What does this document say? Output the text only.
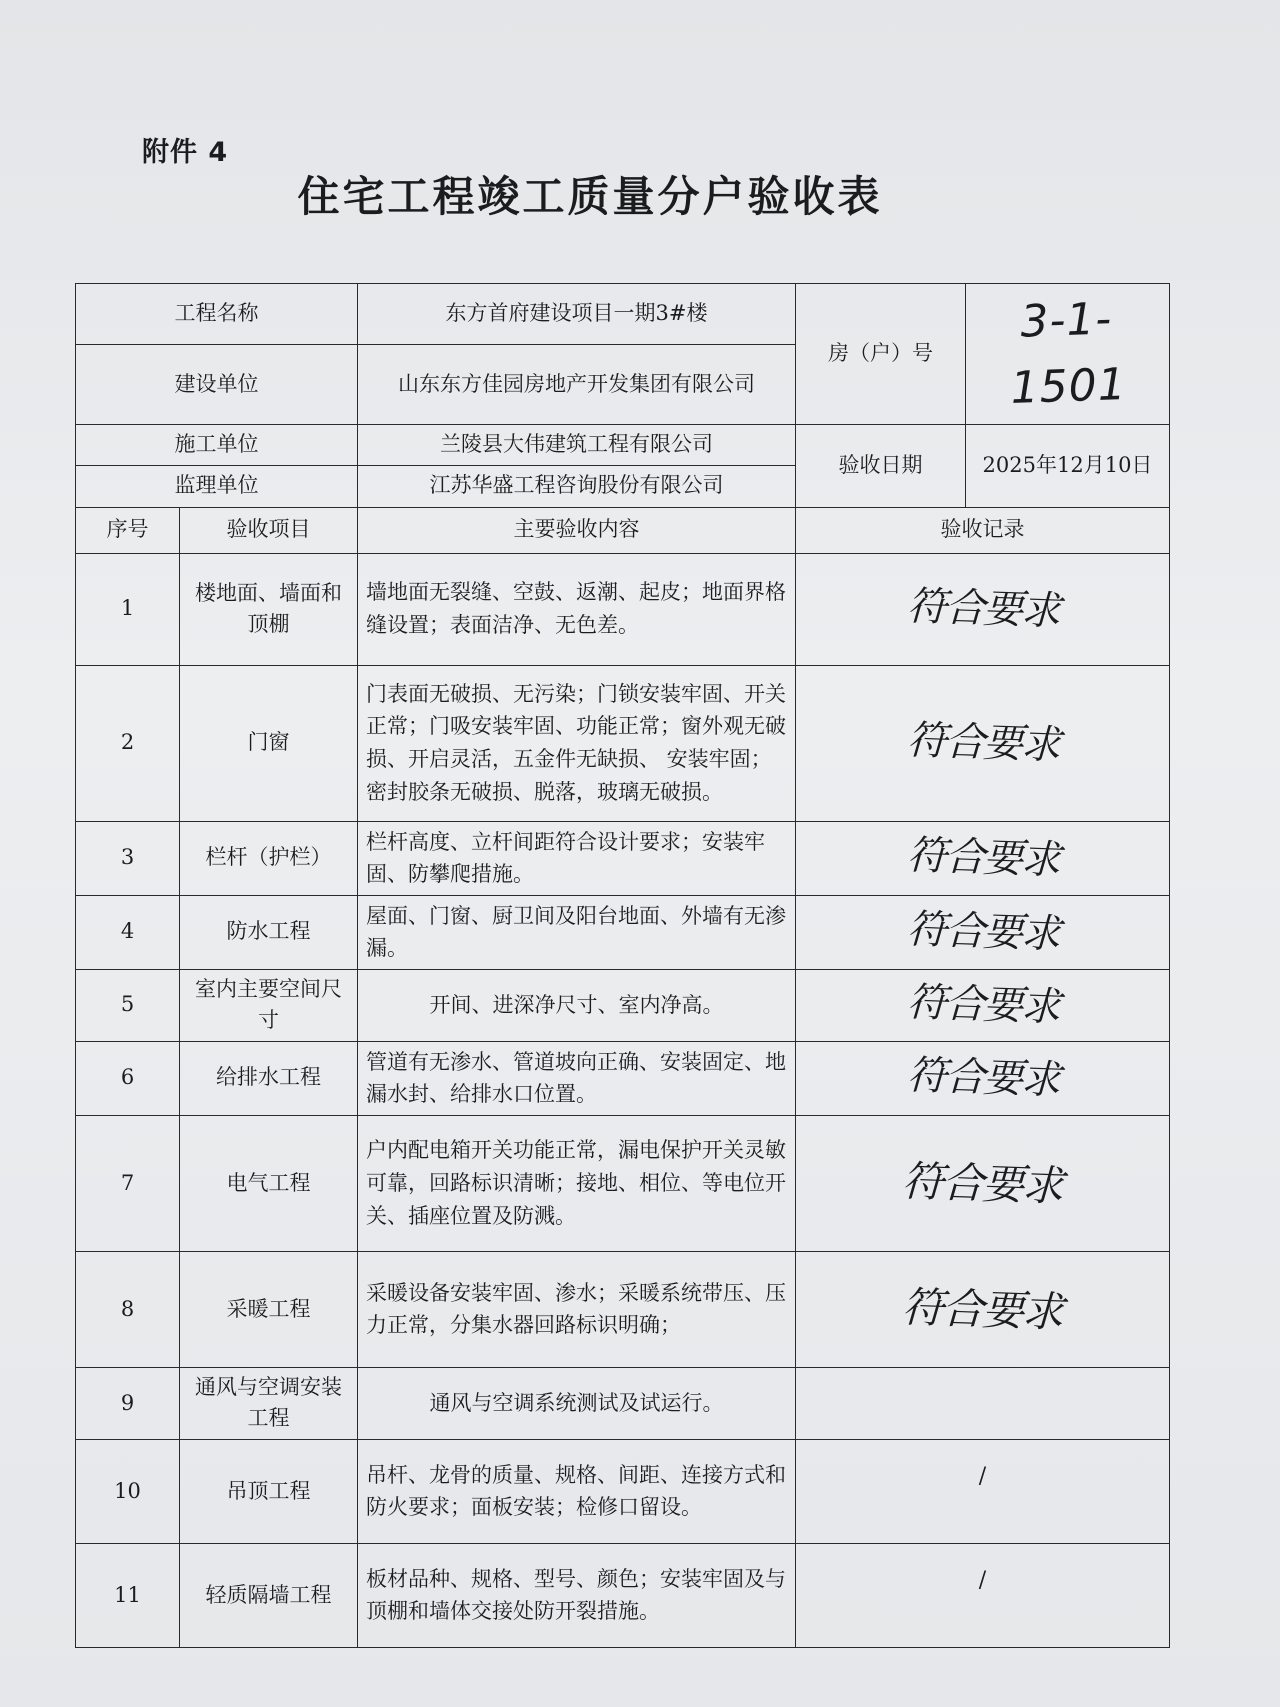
附件 4
住宅工程竣工质量分户验收表
工程名称		东方首府建设项目一期3#楼	房（户）号	3-1-1501
建设单位		山东东方佳园房地产开发集团有限公司		
施工单位		兰陵县大伟建筑工程有限公司	验收日期	2025年12月10日
监理单位		江苏华盛工程咨询股份有限公司		
序号	验收项目	主要验收内容	验收记录	
1	楼地面、墙面和顶棚	墙地面无裂缝、空鼓、返潮、起皮；地面界格缝设置；表面洁净、无色差。	符合要求	
2	门窗	门表面无破损、无污染；门锁安装牢固、开关正常；门吸安装牢固、功能正常；窗外观无破损、开启灵活，五金件无缺损、 安装牢固；密封胶条无破损、脱落，玻璃无破损。	符合要求	
3	栏杆（护栏）	栏杆高度、立杆间距符合设计要求；安装牢固、防攀爬措施。	符合要求	
4	防水工程	屋面、门窗、厨卫间及阳台地面、外墙有无渗漏。	符合要求	
5	室内主要空间尺寸	开间、进深净尺寸、室内净高。	符合要求	
6	给排水工程	管道有无渗水、管道坡向正确、安装固定、地漏水封、给排水口位置。	符合要求	
7	电气工程	户内配电箱开关功能正常，漏电保护开关灵敏可靠，回路标识清晰；接地、相位、等电位开关、插座位置及防溅。	符合要求	
8	采暖工程	采暖设备安装牢固、渗水；采暖系统带压、压力正常，分集水器回路标识明确；	符合要求	
9	通风与空调安装工程	通风与空调系统测试及试运行。		
10	吊顶工程	吊杆、龙骨的质量、规格、间距、连接方式和防火要求；面板安装；检修口留设。	/	

11	轻质隔墙工程	板材品种、规格、型号、颜色；安装牢固及与顶棚和墙体交接处防开裂措施。	/	
